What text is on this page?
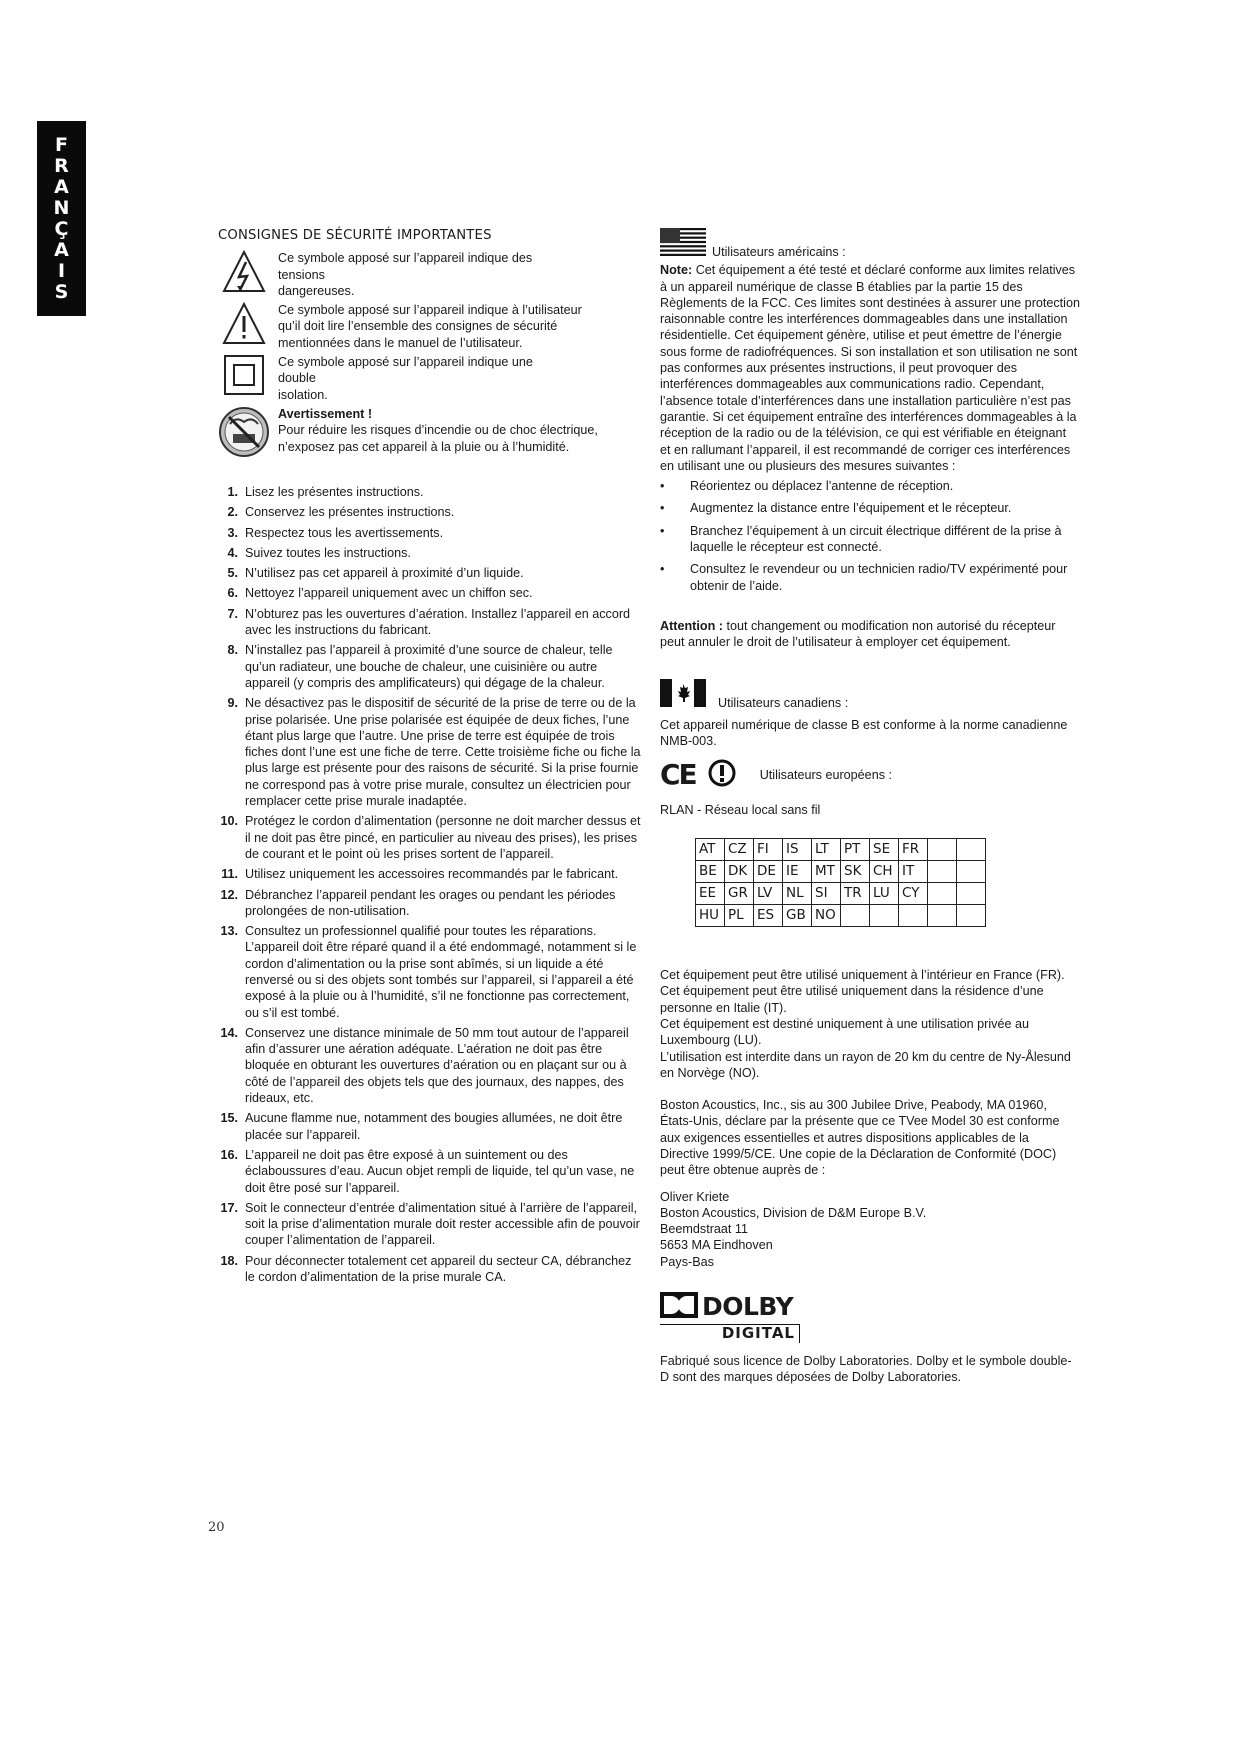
F
R
A
N
Ç
A
I
S
CONSIGNES DE SÉCURITÉ IMPORTANTES
Ce symbole apposé sur l’appareil indique des
tensions
dangereuses.
Ce symbole apposé sur l’appareil indique à l’utilisateur
qu’il doit lire l’ensemble des consignes de sécurité
mentionnées dans le manuel de l’utilisateur.
Ce symbole apposé sur l’appareil indique une
double
isolation.
Avertissement !
Pour réduire les risques d’incendie ou de choc électrique,
n’exposez pas cet appareil à la pluie ou à l’humidité.
1. Lisez les présentes instructions.
2. Conservez les présentes instructions.
3. Respectez tous les avertissements.
4. Suivez toutes les instructions.
5. N’utilisez pas cet appareil à proximité d’un liquide.
6. Nettoyez l’appareil uniquement avec un chiffon sec.
7. N’obturez pas les ouvertures d’aération. Installez l’appareil en accord avec les instructions du fabricant.
8. N’installez pas l’appareil à proximité d’une source de chaleur, telle qu’un radiateur, une bouche de chaleur, une cuisinière ou autre appareil (y compris des amplificateurs) qui dégage de la chaleur.
9. Ne désactivez pas le dispositif de sécurité de la prise de terre ou de la prise polarisée. Une prise polarisée est équipée de deux fiches, l’une étant plus large que l’autre. Une prise de terre est équipée de trois fiches dont l’une est une fiche de terre. Cette troisième fiche ou fiche la plus large est présente pour des raisons de sécurité. Si la prise fournie ne correspond pas à votre prise murale, consultez un électricien pour remplacer cette prise murale inadaptée.
10. Protégez le cordon d’alimentation (personne ne doit marcher dessus et il ne doit pas être pincé, en particulier au niveau des prises), les prises de courant et le point où les prises sortent de l’appareil.
11. Utilisez uniquement les accessoires recommandés par le fabricant.
12. Débranchez l’appareil pendant les orages ou pendant les périodes prolongées de non-utilisation.
13. Consultez un professionnel qualifié pour toutes les réparations. L’appareil doit être réparé quand il a été endommagé, notamment si le cordon d’alimentation ou la prise sont abîmés, si un liquide a été renversé ou si des objets sont tombés sur l’appareil, si l’appareil a été exposé à la pluie ou à l’humidité, s’il ne fonctionne pas correctement, ou s’il est tombé.
14. Conservez une distance minimale de 50 mm tout autour de l’appareil afin d’assurer une aération adéquate. L’aération ne doit pas être bloquée en obturant les ouvertures d’aération ou en plaçant sur ou à côté de l’appareil des objets tels que des journaux, des nappes, des rideaux, etc.
15. Aucune flamme nue, notamment des bougies allumées, ne doit être placée sur l’appareil.
16. L’appareil ne doit pas être exposé à un suintement ou des éclaboussures d’eau. Aucun objet rempli de liquide, tel qu’un vase, ne doit être posé sur l’appareil.
17. Soit le connecteur d’entrée d’alimentation situé à l’arrière de l’appareil, soit la prise d’alimentation murale doit rester accessible afin de pouvoir couper l’alimentation de l’appareil.
18. Pour déconnecter totalement cet appareil du secteur CA, débranchez le cordon d’alimentation de la prise murale CA.
Utilisateurs américains :

Note: Cet équipement a été testé et déclaré conforme aux limites relatives à un appareil numérique de classe B établies par la partie 15 des Règlements de la FCC. Ces limites sont destinées à assurer une protection raisonnable contre les interférences dommageables dans une installation résidentielle. Cet équipement génère, utilise et peut émettre de l’énergie sous forme de radiofréquences. Si son installation et son utilisation ne sont pas conformes aux présentes instructions, il peut provoquer des interférences dommageables aux communications radio. Cependant, l’absence totale d’interférences dans une installation particulière n’est pas garantie. Si cet équipement entraîne des interférences dommageables à la réception de la radio ou de la télévision, ce qui est vérifiable en éteignant et en rallumant l’appareil, il est recommandé de corriger ces interférences en utilisant une ou plusieurs des mesures suivantes :

•	Réorientez ou déplacez l’antenne de réception.
•	Augmentez la distance entre l’équipement et le récepteur.
•	Branchez l’équipement à un circuit électrique différent de la prise à laquelle le récepteur est connecté.
•	Consultez le revendeur ou un technicien radio/TV expérimenté pour obtenir de l’aide.

Attention : tout changement ou modification non autorisé du récepteur peut annuler le droit de l’utilisateur à employer cet équipement.

Utilisateurs canadiens :

Cet appareil numérique de classe B est conforme à la norme canadienne NMB-003.

CE	Utilisateurs européens :

RLAN - Réseau local sans fil

AT	CZ	FI	IS	LT	PT	SE	FR		
BE	DK	DE	IE	MT	SK	CH	IT		
EE	GR	LV	NL	SI	TR	LU	CY		
HU	PL	ES	GB	NO					

Cet équipement peut être utilisé uniquement à l’intérieur en France (FR).

Cet équipement peut être utilisé uniquement dans la résidence d’une personne en Italie (IT).

Cet équipement est destiné uniquement à une utilisation privée au Luxembourg (LU).

L’utilisation est interdite dans un rayon de 20 km du centre de Ny-Ålesund en Norvège (NO).

Boston Acoustics, Inc., sis au 300 Jubilee Drive, Peabody, MA 01960, États-Unis, déclare par la présente que ce TVee Model 30 est conforme aux exigences essentielles et autres dispositions applicables de la Directive 1999/5/CE. Une copie de la Déclaration de Conformité (DOC) peut être obtenue auprès de :

Oliver Kriete
Boston Acoustics, Division de D&M Europe B.V.
Beemdstraat 11
5653 MA Eindhoven
Pays-Bas
DOLBY
DIGITAL

Fabriqué sous licence de Dolby Laboratories. Dolby et le symbole double-D sont des marques déposées de Dolby Laboratories.

20
